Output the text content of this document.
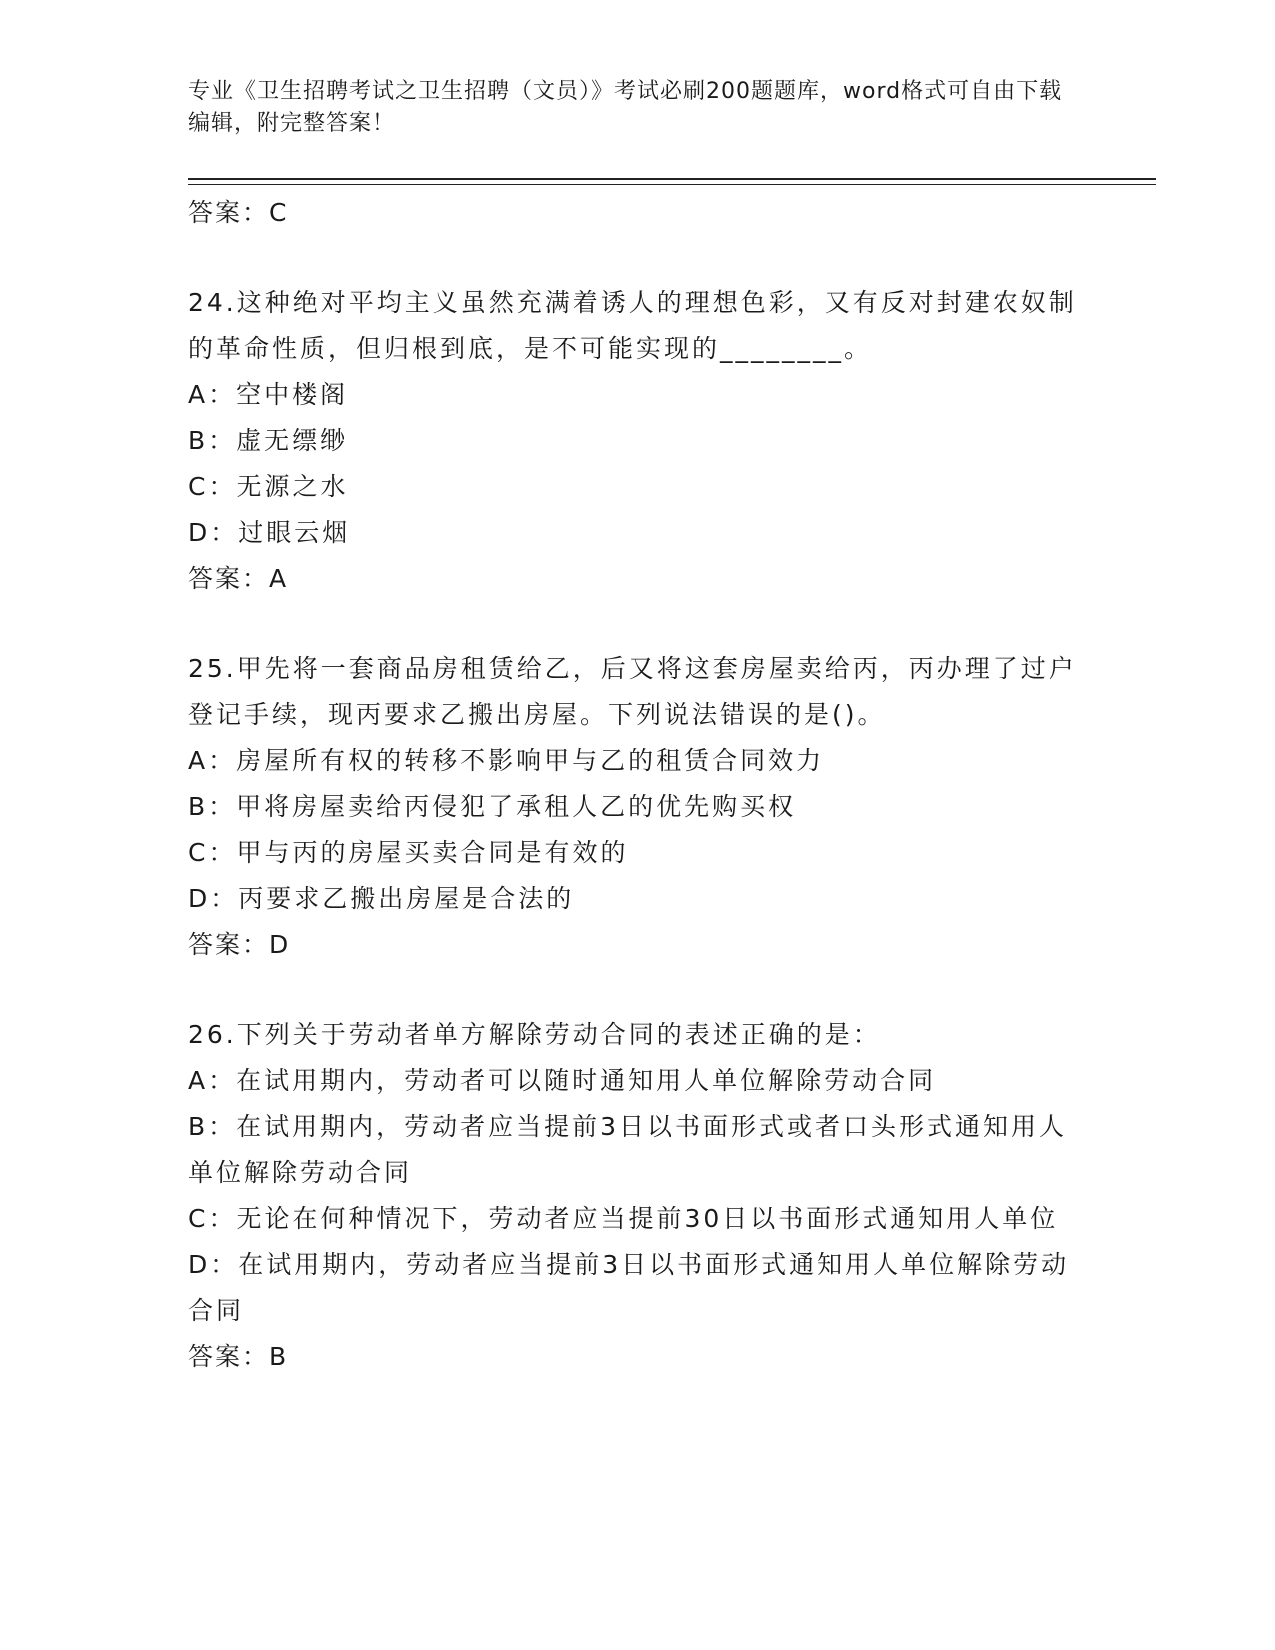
专业《卫生招聘考试之卫生招聘（文员）》考试必刷200题题库，word格式可自由下载编辑，附完整答案！
答案：C
24.这种绝对平均主义虽然充满着诱人的理想色彩，又有反对封建农奴制的革命性质，但归根到底，是不可能实现的________。
A：空中楼阁
B：虚无缥缈
C：无源之水
D：过眼云烟
答案：A
25.甲先将一套商品房租赁给乙，后又将这套房屋卖给丙，丙办理了过户登记手续，现丙要求乙搬出房屋。下列说法错误的是()。
A：房屋所有权的转移不影响甲与乙的租赁合同效力
B：甲将房屋卖给丙侵犯了承租人乙的优先购买权
C：甲与丙的房屋买卖合同是有效的
D：丙要求乙搬出房屋是合法的
答案：D
26.下列关于劳动者单方解除劳动合同的表述正确的是：
A：在试用期内，劳动者可以随时通知用人单位解除劳动合同
B：在试用期内，劳动者应当提前3日以书面形式或者口头形式通知用人单位解除劳动合同
C：无论在何种情况下，劳动者应当提前30日以书面形式通知用人单位
D：在试用期内，劳动者应当提前3日以书面形式通知用人单位解除劳动合同
答案：B
